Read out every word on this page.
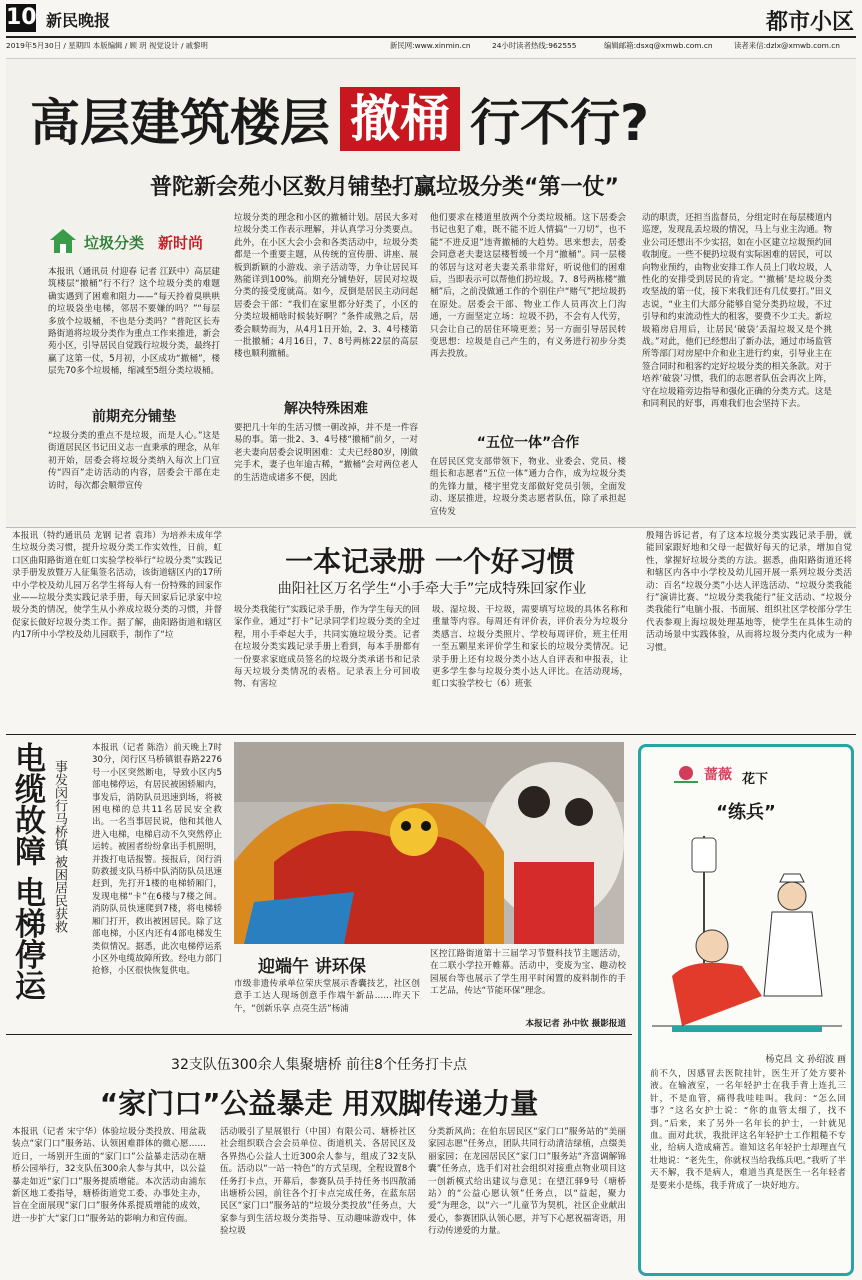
10 新民晚报	都市小区
2019年5月30日 / 星期四 本版编辑 / 顾 玥 视觉设计 / 戚黎明	新民网:www.xinmin.cn	24小时读者热线:962555	编辑邮箱:dsxq@xmwb.com.cn	读者来信:dzlx@xmwb.com.cn
高层建筑楼层 撤桶 行不行?
普陀新会苑小区数月铺垫打赢垃圾分类“第一仗”
垃圾分类 新时尚
本报讯（通讯员 付迎春 记者 江跃中）高层建筑楼层“撤桶”行不行？这个垃圾分类的难题确实遇到了困难和阻力——“每天拎着臭哄哄的垃圾袋坐电梯，邻居不要嫌的吗？”“每层多放个垃圾桶，不也是分类吗？”普陀区长寿路街道将垃圾分类作为重点工作来推进，新会苑小区，引导居民自觉践行垃圾分类，最终打赢了这第一仗，5月初，小区成功“撤桶”，楼层先70多个垃圾桶，缩减至5组分类垃圾桶。
前期充分铺垫
“垃圾分类的重点不是垃圾，而是人心。”这是街道居民区书记田义志一直秉承的理念，从年初开始，居委会将垃圾分类纳入每次上门宣传“四百”走访活动的内容，居委会干部在走访时，每次都会顺带宣传
垃圾分类的理念和小区的撤桶计划。居民大多对垃圾分类工作表示理解，并认真学习分类要点。此外，在小区大会小会和各类活动中，垃圾分类都是一个重要主题，从传统的宣传册、讲座、展板到新颖的小游戏、亲子活动等，力争让居民耳熟能详到100%。前期充分铺垫好，居民对垃圾分类的接受度就高。如今，反倒是居民主动问起居委会干部：“我们在家里都分好类了，小区的分类垃圾桶啥时候装好啊？”条件成熟之后，居委会顺势而为，从4月1日开始，2、3、4号楼第一批撤桶；4月16日，7、8号两栋22层的高层楼也顺利撤桶。
解决特殊困难
要把几十年的生活习惯一朝改掉，并不是一件容易的事。第一批2、3、4号楼“撤桶”前夕，一对老夫妻向居委会说明困难：丈夫已经80岁，刚做完手术，妻子也年逾古稀，“撤桶”会对两位老人的生活造成诸多不便，因此
他们要求在楼道里放两个分类垃圾桶。这下居委会书记也犯了难，既不能不近人情搞“一刀切”，也不能“不进反退”违背撤桶的大趋势。思来想去，居委会同意老夫妻这层楼暂缓一个月“撤桶”。同一层楼的邻居与这对老夫妻关系非常好，听说他们的困难后，当即表示可以帮他们扔垃圾。7、8号两栋楼“撤桶”后，之前没做通工作的个别住户“赌气”把垃圾扔在原处。居委会干部、物业工作人员再次上门沟通，一方面坚定立场：垃圾不扔，不会有人代劳，只会让自己的居住环境更差；另一方面引导居民转变思想：垃圾是自己产生的，有义务进行初步分类再去投放。
“五位一体”合作
在居民区党支部带领下，物业、业委会、党员、楼组长和志愿者“五位一体”通力合作，成为垃圾分类的先锋力量，楼宇里党支部做好党员引领，全面发动、逐层推进，垃圾分类志愿者队伍，除了承担起宣传发
动的职责，还担当监督员，分组定时在每层楼道内巡逻，发现乱丢垃圾的情况，马上与业主沟通。物业公司还想出不少实招，如在小区建立垃圾预约回收制度。一些不便扔垃圾有实际困难的居民，可以向物业预约，由物业安排工作人员上门收垃圾，人性化的安排受到居民的肯定。“‘撤桶’是垃圾分类攻坚战的第一仗，接下来我们还有几仗要打。”田义志说，“业主们大部分能够自觉分类扔垃圾，不过引导和约束流动性大的租客，要费不少工夫。新垃圾箱房启用后，让居民‘破袋’丢湿垃圾又是个挑战。”对此，他们已经想出了新办法，通过市场监管所等部门对房屋中介和业主进行约束，引导业主在签合同时和租客约定好垃圾分类的相关条款。对于培养‘破袋’习惯，我们的志愿者队伍会再次上阵，守在垃圾箱旁边指导和强化正确的分类方式。这是和同利民的好事，再难我们也会坚持下去。
本报讯（特约通讯员 龙钢 记者 袁玮）为培养未成年学生垃圾分类习惯，提升垃圾分类工作实效性，日前，虹口区曲阳路街道在虹口实验学校举行“垃圾分类”实践记录手册发放暨万人征集签名活动，该街道辖区内的17所中小学校及幼儿园万名学生将每人有一份特殊的回家作业——垃圾分类实践记录手册，每天回家后记录家中垃圾分类的情况，使学生从小养成垃圾分类的习惯，并督促家长做好垃圾分类工作。据了解，曲阳路街道和辖区内17所中小学校及幼儿园联手，制作了“垃
一本记录册 一个好习惯
曲阳社区万名学生“小手牵大手”完成特殊回家作业
圾分类我能行”实践记录手册，作为学生每天的回家作业，通过“打卡”记录同学们垃圾分类的全过程，用小手牵起大手，共同实施垃圾分类。记者在垃圾分类实践记录手册上看到，每本手册都有一份要求家庭成员签名的垃圾分类承诺书和记录每天垃圾分类情况的表格。记录表上分可回收物、有害垃
圾、湿垃圾、干垃圾，需要填写垃圾的具体名称和重量等内容。每周还有评价表，评价表分为垃圾分类感言、垃圾分类照片、学校每周评价，班主任用一至五颗星来评价学生和家长的垃圾分类情况。记录手册上还有垃圾分类小达人自评表和申报表，让更多学生参与垃圾分类小达人评比。在活动现场，虹口实验学校七（6）班张
殷翔告诉记者，有了这本垃圾分类实践记录手册，就能回家跟好地和父母一起做好每天的记录，增加自觉性，掌握好垃圾分类的方法。据悉，曲阳路街道还将和辖区内各中小学校及幼儿园开展一系列垃圾分类活动：百名“垃圾分类”小达人评选活动、“垃圾分类我能行”演讲比赛、“垃圾分类我能行”征文活动、“垃圾分类我能行”电脑小报、书面展、组织社区学校部分学生代表参观上海垃圾处理基地等，使学生在具体生动的活动场景中实践体验，从而将垃圾分类内化成为一种习惯。
电缆故障 电梯停运 事发闵行马桥镇 被困居民获救
本报讯（记者 陈浩）前天晚上7时30分，闵行区马桥镇银春路2276号一小区突然断电，导致小区内5部电梯停运，有居民被困轿厢内，事发后，消防队员迅速到场，将被困电梯的总共11名居民安全救出。一名当事居民说，他和其他人进入电梯，电梯启动不久突然停止运转。被困者纷纷拿出手机照明，并拨打电话报警。接报后，闵行消防救援支队马桥中队消防队员迅速赶到，先打开1楼的电梯轿厢门，发现电梯“卡”在6楼与7楼之间。消防队员快速爬到7楼，将电梯轿厢门打开，救出被困居民。除了这部电梯，小区内还有4部电梯发生类似情况。据悉，此次电梯停运系小区外电缆故障所致。经电力部门抢修，小区很快恢复供电。	迎端午 讲环保
市级非遗传承单位荣庆堂展示香囊技艺，社区创意手工达人现场创意手作端午新品……昨天下午，“创新乐享 点亮生活”杨浦
区控江路街道第十三届学习节暨科技节主题活动，在二联小学拉开帷幕。活动中，变废为宝、趣动校园展台等也展示了学生用平时闲置的废料制作的手工艺品，传达“节能环保”理念。
本报记者 孙中钦 摄影报道
蔷薇 花下
“练兵”
杨克昌 文 孙绍波 画
前不久，因感冒去医院挂针，医生开了处方要补液。在输液室，一名年轻护士在我手背上连扎三针，不是血管，痛得我哇哇叫。我问：“怎么回事？”这名女护士说：“你的血管太细了，找不到。”后来，来了另外一名年长的护士，一针就见血。面对此状，我批评这名年轻护士工作粗糙不专业，给病人造成痛苦。谁知这名年轻护士却理直气壮地说：“老先生，你就权当给我练兵吧。”我听了半天不解，我不是病人，难道当真是医生一名年轻者是要来小是练，我手背成了一块好地方。
32支队伍300余人集聚塘桥 前往8个任务打卡点
“家门口”公益暴走 用双脚传递力量
本报讯（记者 宋宁华）体验垃圾分类投放、用盆栽装点“家门口”服务站、认领困难群体的微心愿……近日，一场别开生面的“家门口”公益暴走活动在塘桥公园举行，32支队伍300余人参与其中，以公益暴走如近“家门口”服务提质增能。本次活动由浦东新区地工委指导，塘桥街道党工委、办事处主办，旨在全面展现“家门口”服务体系提质增能的成效，进一步扩大“家门口”服务站的影响力和宣传面。
活动吸引了星展银行（中国）有限公司、塘桥社区社会组织联合会会员单位、街道机关、各居民区及各界热心公益人士近300余人参与，组成了32支队伍。活动以“一站一特色”的方式呈现，全程设置8个任务打卡点，开幕后，参赛队员手持任务书四散涌出塘桥公园，前往各个打卡点完成任务，在蓝东居民区“家门口”服务站的“垃圾分类投放”任务点，大家参与到生活垃圾分类指导、互动趣味游戏中，体验垃圾
分类新风尚；在伯东居民区“家门口”服务站的“美丽家园志愿”任务点，团队共同行动清洁绿植，点缀美丽家园；在龙园居民区“家门口”服务站“齐富调解锦囊”任务点，选手们对社会组织对接重点物业项目这一创新模式给出建议与意见；在望江驿9号（塘桥站）的“公益心愿认领”任务点，以“益起，聚力爱”为理念，以“六一”儿童节为契机，社区企业献出爱心，参赛团队认领心愿，并写下心愿祝福寄语，用行动传递爱的力量。
